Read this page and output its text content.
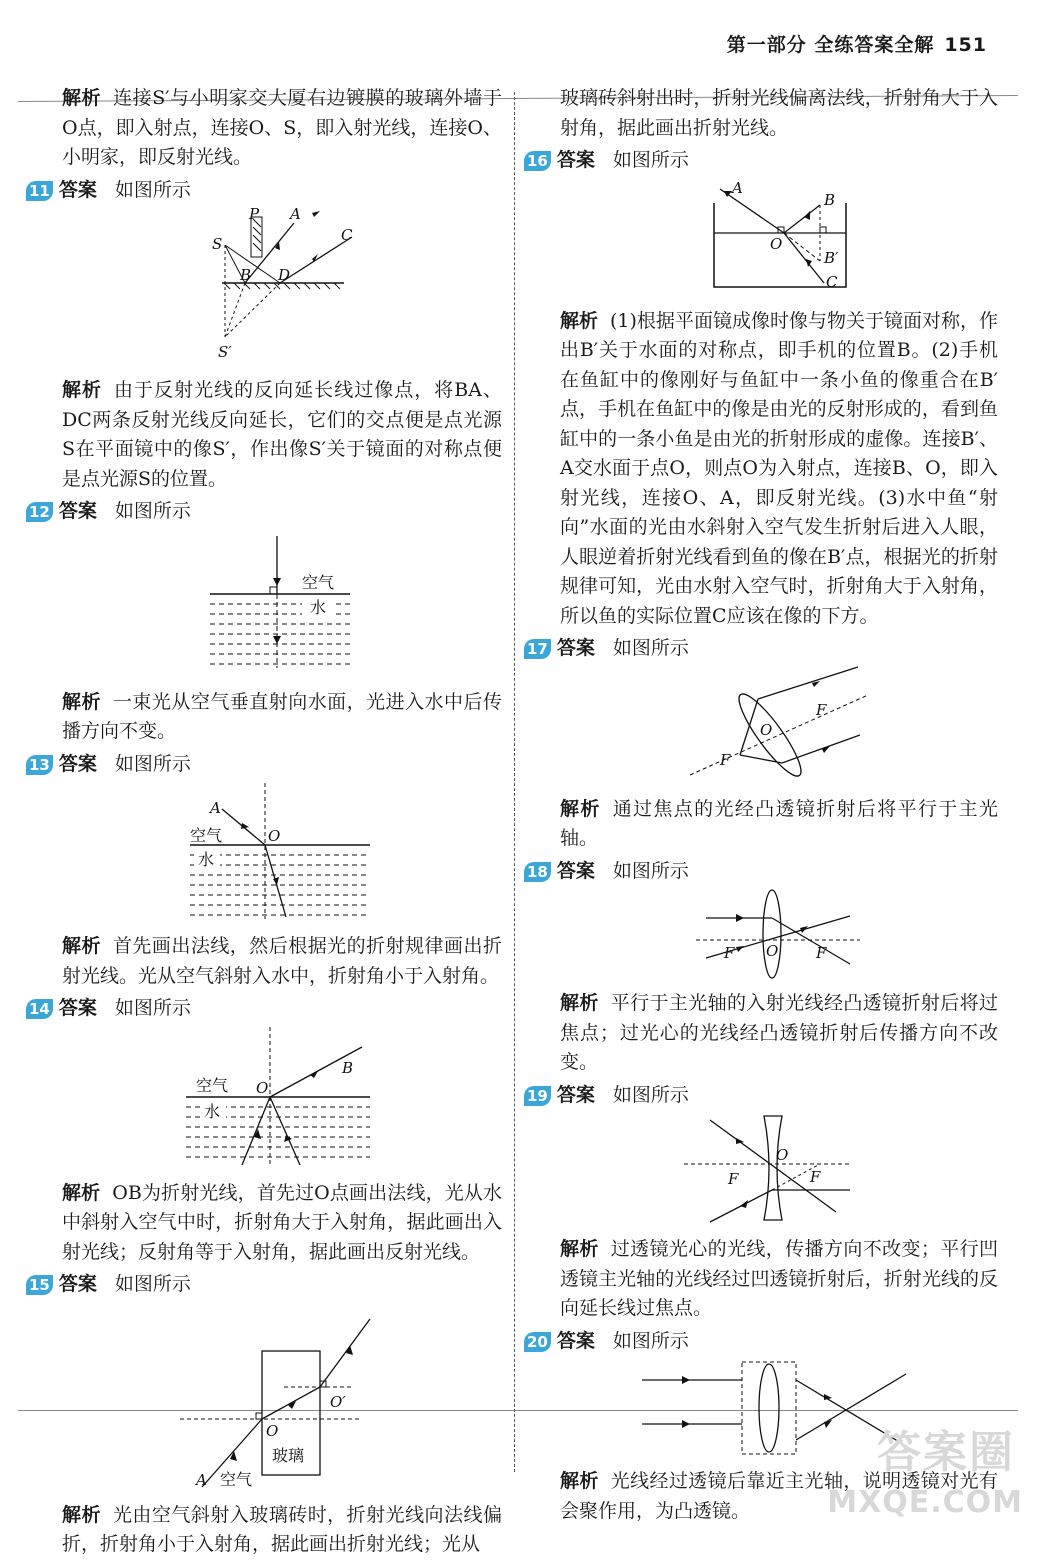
第一部分 全练答案全解 151

解析 连接S′与小明家交大厦右边镀膜的玻璃外墙于O点，即入射点，连接O、S，即入射光线，连接O、小明家，即反射光线。

11 答案 如图所示
P A
S	C
B D
S′

解析 由于反射光线的反向延长线过像点，将BA、DC两条反射光线反向延长，它们的交点便是点光源S在平面镜中的像S′，作出像S′关于镜面的对称点便是点光源S的位置。

12 答案 如图所示
空气
水

解析 一束光从空气垂直射向水面，光进入水中后传播方向不变。

13 答案 如图所示
A
空气	O
水

解析 首先画出法线，然后根据光的折射规律画出折射光线。光从空气斜射入水中，折射角小于入射角。

14 答案 如图所示
空气 O
B
水

解析 OB为折射光线，首先过O点画出法线，光从水中斜射入空气中时，折射角大于入射角，据此画出入射光线；反射角等于入射角，据此画出反射光线。

15 答案 如图所示
O
O′
玻璃
A 空气

解析 光由空气斜射入玻璃砖时，折射光线向法线偏折，折射角小于入射角，据此画出折射光线；光从

玻璃砖斜射出时，折射光线偏离法线，折射角大于入射角，据此画出折射光线。

16 答案 如图所示
A
B
O
B′
C

解析 (1)根据平面镜成像时像与物关于镜面对称，作出B′关于水面的对称点，即手机的位置B。(2)手机在鱼缸中的像刚好与鱼缸中一条小鱼的像重合在B′点，手机在鱼缸中的像是由光的反射形成的，看到鱼缸中的一条小鱼是由光的折射形成的虚像。连接B′、A交水面于点O，则点O为入射点，连接B、O，即入射光线，连接O、A，即反射光线。(3)水中鱼“射向”水面的光由水斜射入空气发生折射后进入人眼，人眼逆着折射光线看到鱼的像在B′点，根据光的折射规律可知，光由水射入空气时，折射角大于入射角，所以鱼的实际位置C应该在像的下方。

17 答案 如图所示
F
O
F

解析 通过焦点的光经凸透镜折射后将平行于主光轴。

18 答案 如图所示
F O	F

解析 平行于主光轴的入射光线经凸透镜折射后将过焦点；过光心的光线经凸透镜折射后传播方向不改变。

19 答案 如图所示
O
F	F

解析 过透镜光心的光线，传播方向不改变；平行凹透镜主光轴的光线经过凹透镜折射后，折射光线的反向延长线过焦点。

20 答案 如图所示

解析 光线经过透镜后靠近主光轴，说明透镜对光有会聚作用，为凸透镜。

答案圈
MXQE.COM
